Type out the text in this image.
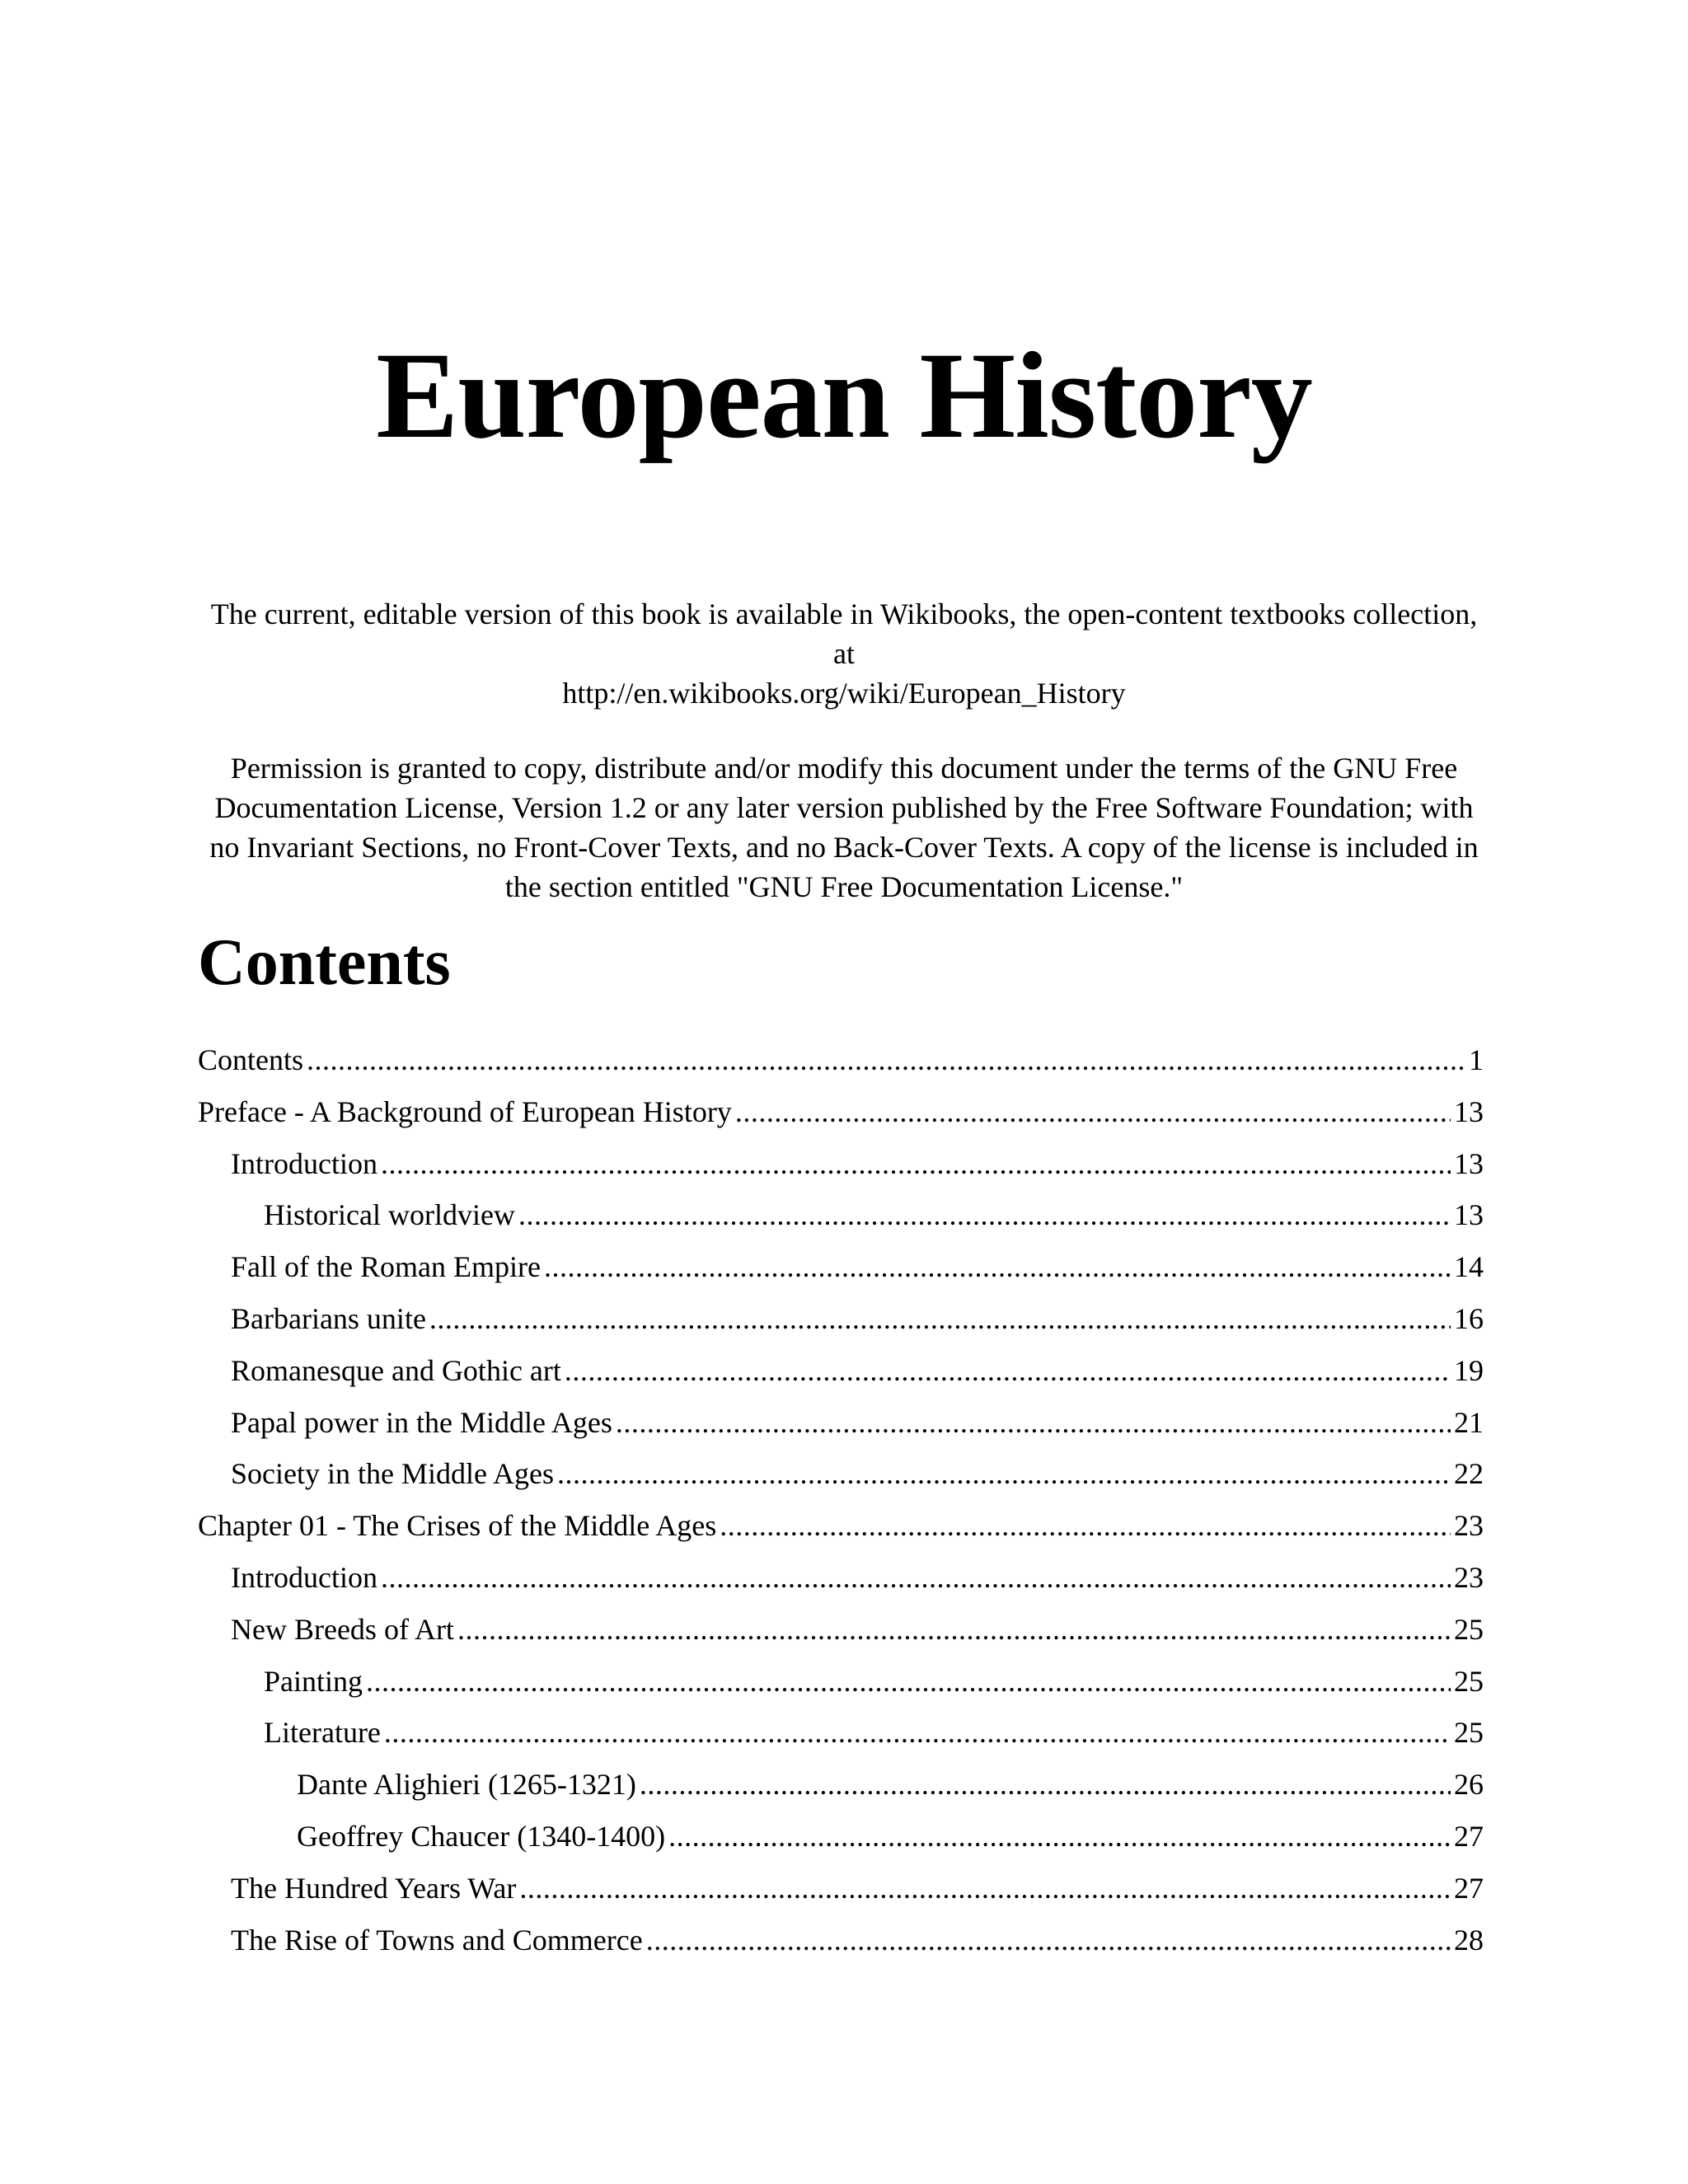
European History

The current, editable version of this book is available in Wikibooks, the open-content textbooks collection, at
http://en.wikibooks.org/wiki/European_History

Permission is granted to copy, distribute and/or modify this document under the terms of the GNU Free Documentation License, Version 1.2 or any later version published by the Free Software Foundation; with no Invariant Sections, no Front-Cover Texts, and no Back-Cover Texts. A copy of the license is included in the section entitled "GNU Free Documentation License."

Contents
Contents .....	1
Preface - A Background of European History .....	13
Introduction .....	13
Historical worldview .....	13
Fall of the Roman Empire .....	14
Barbarians unite .....	16
Romanesque and Gothic art .....	19
Papal power in the Middle Ages .....	21
Society in the Middle Ages .....	22
Chapter 01 - The Crises of the Middle Ages .....	23
Introduction .....	23
New Breeds of Art .....	25
Painting .....	25
Literature .....	25
Dante Alighieri (1265-1321) .....	26
Geoffrey Chaucer (1340-1400) .....	27
The Hundred Years War .....	27
The Rise of Towns and Commerce .....	28
